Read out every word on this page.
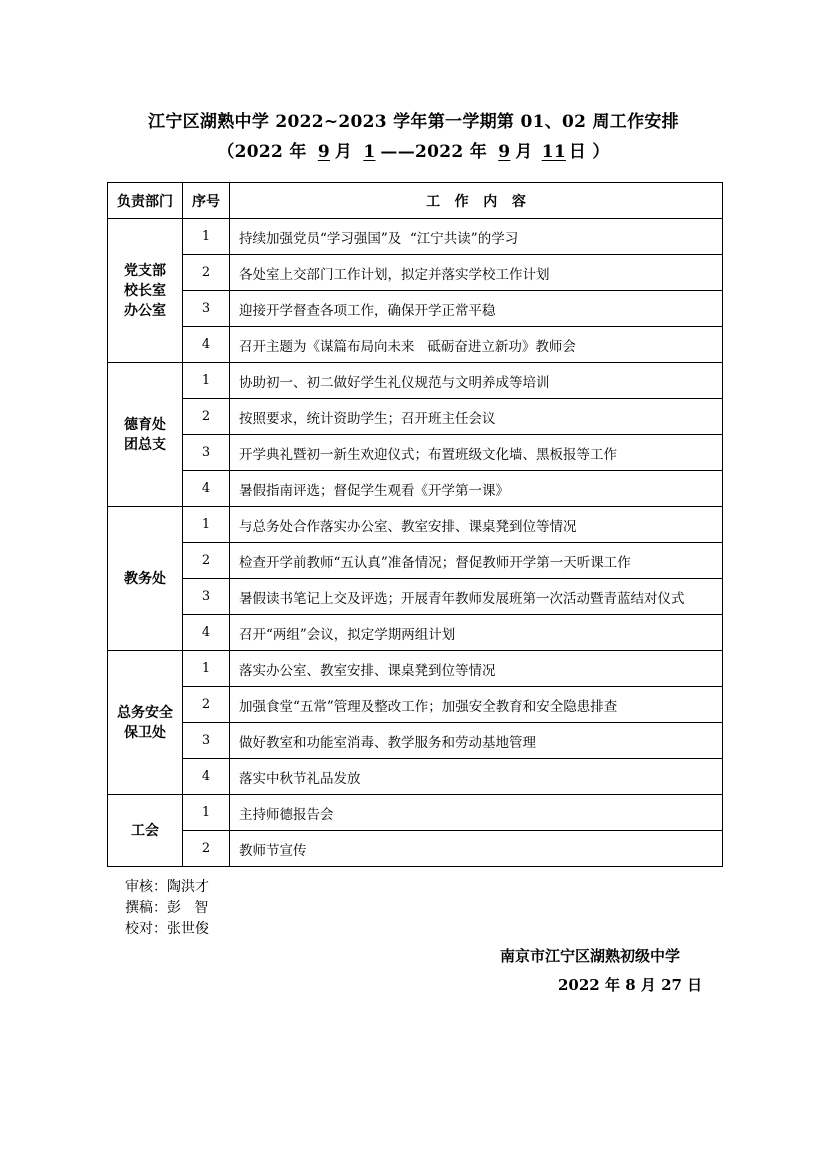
江宁区湖熟中学 2022~2023 学年第一学期第 01、02 周工作安排
（2022 年 9 月 1 ——2022 年 9 月 11 日 ）
负责部门	序号	工   作   内   容

党支部
校长室
办公室	1	持续加强党员“学习强国”及  “江宁共读”的学习
	2	各处室上交部门工作计划，拟定并落实学校工作计划
	3	迎接开学督查各项工作，确保开学正常平稳
	4	召开主题为《谋篇布局向未来   砥砺奋进立新功》教师会

德育处
团总支	1	协助初一、初二做好学生礼仪规范与文明养成等培训
	2	按照要求，统计资助学生；召开班主任会议
	3	开学典礼暨初一新生欢迎仪式；布置班级文化墙、黑板报等工作
	4	暑假指南评选；督促学生观看《开学第一课》

教务处	1	与总务处合作落实办公室、教室安排、课桌凳到位等情况
	2	检查开学前教师“五认真”准备情况；督促教师开学第一天听课工作
	3	暑假读书笔记上交及评选；开展青年教师发展班第一次活动暨青蓝结对仪式
	4	召开“两组”会议，拟定学期两组计划

总务安全
保卫处	1	落实办公室、教室安排、课桌凳到位等情况
	2	加强食堂“五常”管理及整改工作；加强安全教育和安全隐患排查
	3	做好教室和功能室消毒、教学服务和劳动基地管理
	4	落实中秋节礼品发放

工会	1	主持师德报告会
	2	教师节宣传
审核：陶洪才
撰稿：彭   智
校对：张世俊
南京市江宁区湖熟初级中学
2022 年 8 月 27 日
